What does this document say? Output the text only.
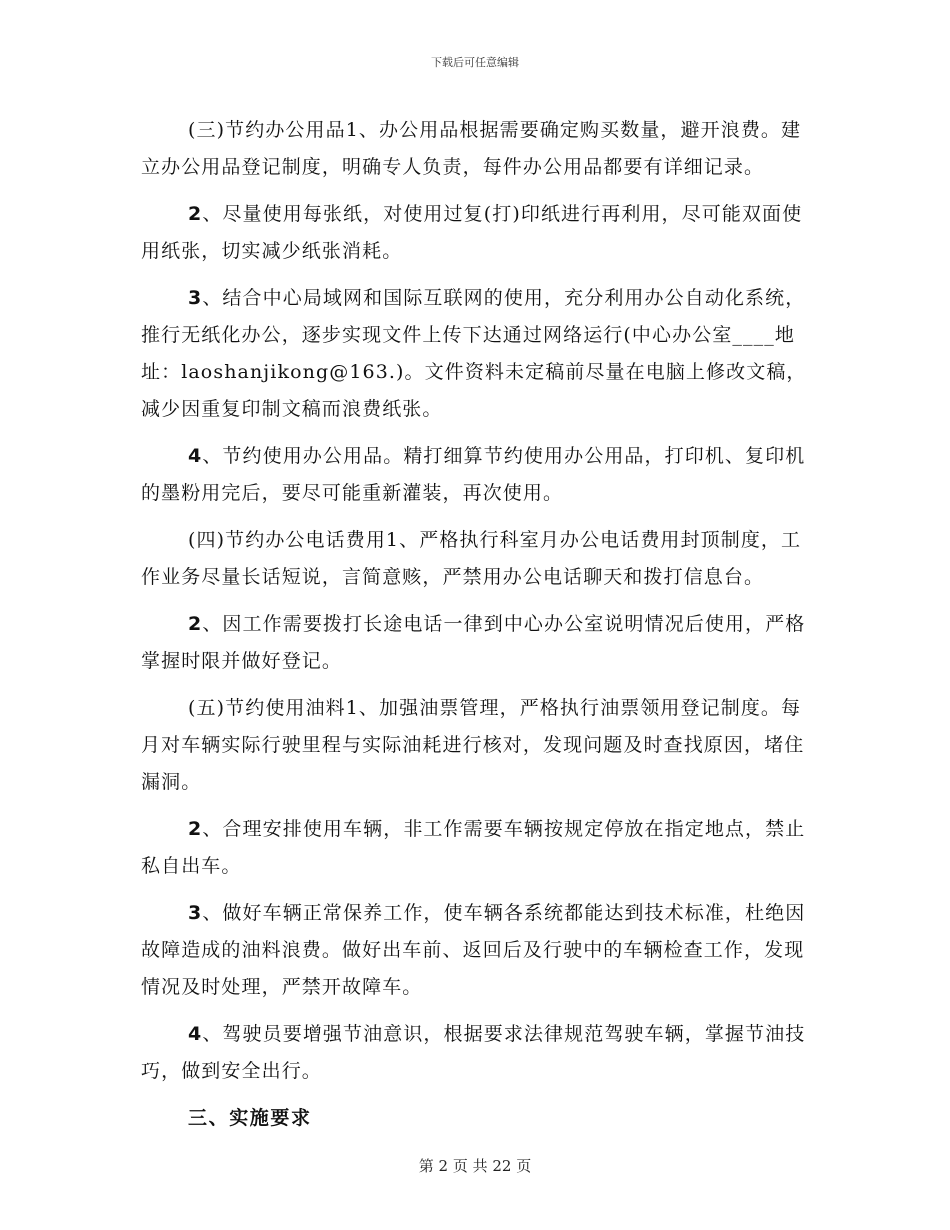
下载后可任意编辑

(三)节约办公用品1、办公用品根据需要确定购买数量，避开浪费。建立办公用品登记制度，明确专人负责，每件办公用品都要有详细记录。

2、尽量使用每张纸，对使用过复(打)印纸进行再利用，尽可能双面使用纸张，切实减少纸张消耗。

3、结合中心局域网和国际互联网的使用，充分利用办公自动化系统，推行无纸化办公，逐步实现文件上传下达通过网络运行(中心办公室____地址：laoshanjikong@163.)。文件资料未定稿前尽量在电脑上修改文稿，减少因重复印制文稿而浪费纸张。

4、节约使用办公用品。精打细算节约使用办公用品，打印机、复印机的墨粉用完后，要尽可能重新灌装，再次使用。

(四)节约办公电话费用1、严格执行科室月办公电话费用封顶制度，工作业务尽量长话短说，言简意赅，严禁用办公电话聊天和拨打信息台。

2、因工作需要拨打长途电话一律到中心办公室说明情况后使用，严格掌握时限并做好登记。

(五)节约使用油料1、加强油票管理，严格执行油票领用登记制度。每月对车辆实际行驶里程与实际油耗进行核对，发现问题及时查找原因，堵住漏洞。

2、合理安排使用车辆，非工作需要车辆按规定停放在指定地点，禁止私自出车。

3、做好车辆正常保养工作，使车辆各系统都能达到技术标准，杜绝因故障造成的油料浪费。做好出车前、返回后及行驶中的车辆检查工作，发现情况及时处理，严禁开故障车。

4、驾驶员要增强节油意识，根据要求法律规范驾驶车辆，掌握节油技巧，做到安全出行。

三、实施要求

第 2 页 共 22 页
